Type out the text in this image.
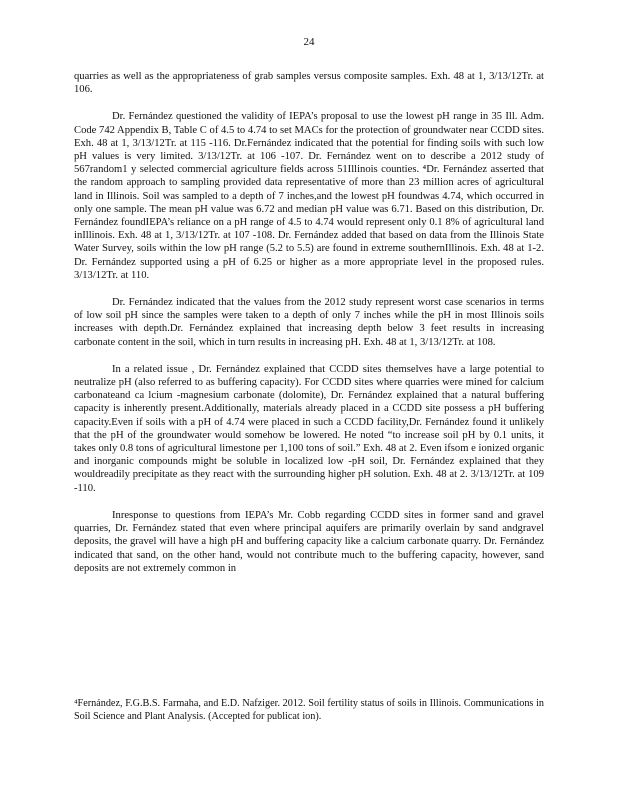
24

quarries as well as the appropriateness of grab samples versus composite samples. Exh. 48 at 1, 3/13/12Tr. at 106.

Dr. Fernández questioned the validity of IEPA’s proposal to use the lowest pH range in 35 Ill. Adm. Code 742 Appendix B, Table C of 4.5 to 4.74 to set MACs for the protection of groundwater near CCDD sites. Exh. 48 at 1, 3/13/12Tr. at 115 -116. Dr.Fernández indicated that the potential for finding soils with such low pH values is very limited. 3/13/12Tr. at 106 -107. Dr. Fernández went on to describe a 2012 study of 567random1 y selected commercial agriculture fields across 51Illinois counties. ⁴Dr. Fernández asserted that the random approach to sampling provided data representative of more than 23 million acres of agricultural land in Illinois. Soil was sampled to a depth of 7 inches,and the lowest pH foundwas 4.74, which occurred in only one sample. The mean pH value was 6.72 and median pH value was 6.71. Based on this distribution, Dr. Fernández foundIEPA’s reliance on a pH range of 4.5 to 4.74 would represent only 0.1 8% of agricultural land inIllinois. Exh. 48 at 1, 3/13/12Tr. at 107 -108. Dr. Fernández added that based on data from the Illinois State Water Survey, soils within the low pH range (5.2 to 5.5) are found in extreme southernIllinois. Exh. 48 at 1-2. Dr. Fernández supported using a pH of 6.25 or higher as a more appropriate level in the proposed rules. 3/13/12Tr. at 110.

Dr. Fernández indicated that the values from the 2012 study represent worst case scenarios in terms of low soil pH since the samples were taken to a depth of only 7 inches while the pH in most Illinois soils increases with depth.Dr. Fernández explained that increasing depth below 3 feet results in increasing carbonate content in the soil, which in turn results in increasing pH. Exh. 48 at 1, 3/13/12Tr. at 108.

In a related issue , Dr. Fernández explained that CCDD sites themselves have a large potential to neutralize pH (also referred to as buffering capacity). For CCDD sites where quarries were mined for calcium carbonateand ca lcium -magnesium carbonate (dolomite), Dr. Fernández explained that a natural buffering capacity is inherently present.Additionally, materials already placed in a CCDD site possess a pH buffering capacity.Even if soils with a pH of 4.74 were placed in such a CCDD facility,Dr. Fernández found it unlikely that the pH of the groundwater would somehow be lowered. He noted “to increase soil pH by 0.1 units, it takes only 0.8 tons of agricultural limestone per 1,100 tons of soil.” Exh. 48 at 2. Even ifsom e ionized organic and inorganic compounds might be soluble in localized low -pH soil, Dr. Fernández explained that they wouldreadily precipitate as they react with the surrounding higher pH solution. Exh. 48 at 2. 3/13/12Tr. at 109 -110.

Inresponse to questions from IEPA’s Mr. Cobb regarding CCDD sites in former sand and gravel quarries, Dr. Fernández stated that even where principal aquifers are primarily overlain by sand andgravel deposits, the gravel will have a high pH and buffering capacity like a calcium carbonate quarry. Dr. Fernández indicated that sand, on the other hand, would not contribute much to the buffering capacity, however, sand deposits are not extremely common in

⁴Fernández, F.G.B.S. Farmaha, and E.D. Nafziger. 2012. Soil fertility status of soils in Illinois. Communications in Soil Science and Plant Analysis. (Accepted for publicat ion).
